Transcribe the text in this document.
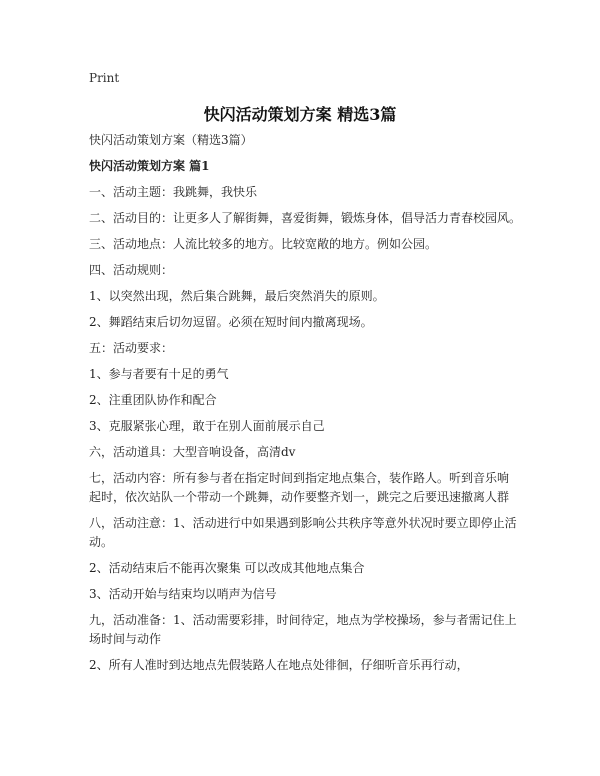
Print
快闪活动策划方案 精选3篇

快闪活动策划方案（精选3篇）

快闪活动策划方案 篇1

一、活动主题：我跳舞，我快乐

二、活动目的：让更多人了解街舞，喜爱街舞，锻炼身体，倡导活力青春校园风。

三、活动地点：人流比较多的地方。比较宽敞的地方。例如公园。

四、活动规则：

1、以突然出现，然后集合跳舞，最后突然消失的原则。

2、舞蹈结束后切勿逗留。必须在短时间内撤离现场。

五：活动要求：

1、参与者要有十足的勇气

2、注重团队协作和配合

3、克服紧张心理，敢于在别人面前展示自己

六，活动道具：大型音响设备，高清dv

七，活动内容：所有参与者在指定时间到指定地点集合，装作路人。听到音乐响起时，依次站队一个带动一个跳舞，动作要整齐划一，跳完之后要迅速撤离人群

八，活动注意：1、活动进行中如果遇到影响公共秩序等意外状况时要立即停止活动。

2、活动结束后不能再次聚集 可以改成其他地点集合

3、活动开始与结束均以哨声为信号

九，活动准备：1、活动需要彩排，时间待定，地点为学校操场，参与者需记住上场时间与动作

2、所有人准时到达地点先假装路人在地点处徘徊，仔细听音乐再行动，
